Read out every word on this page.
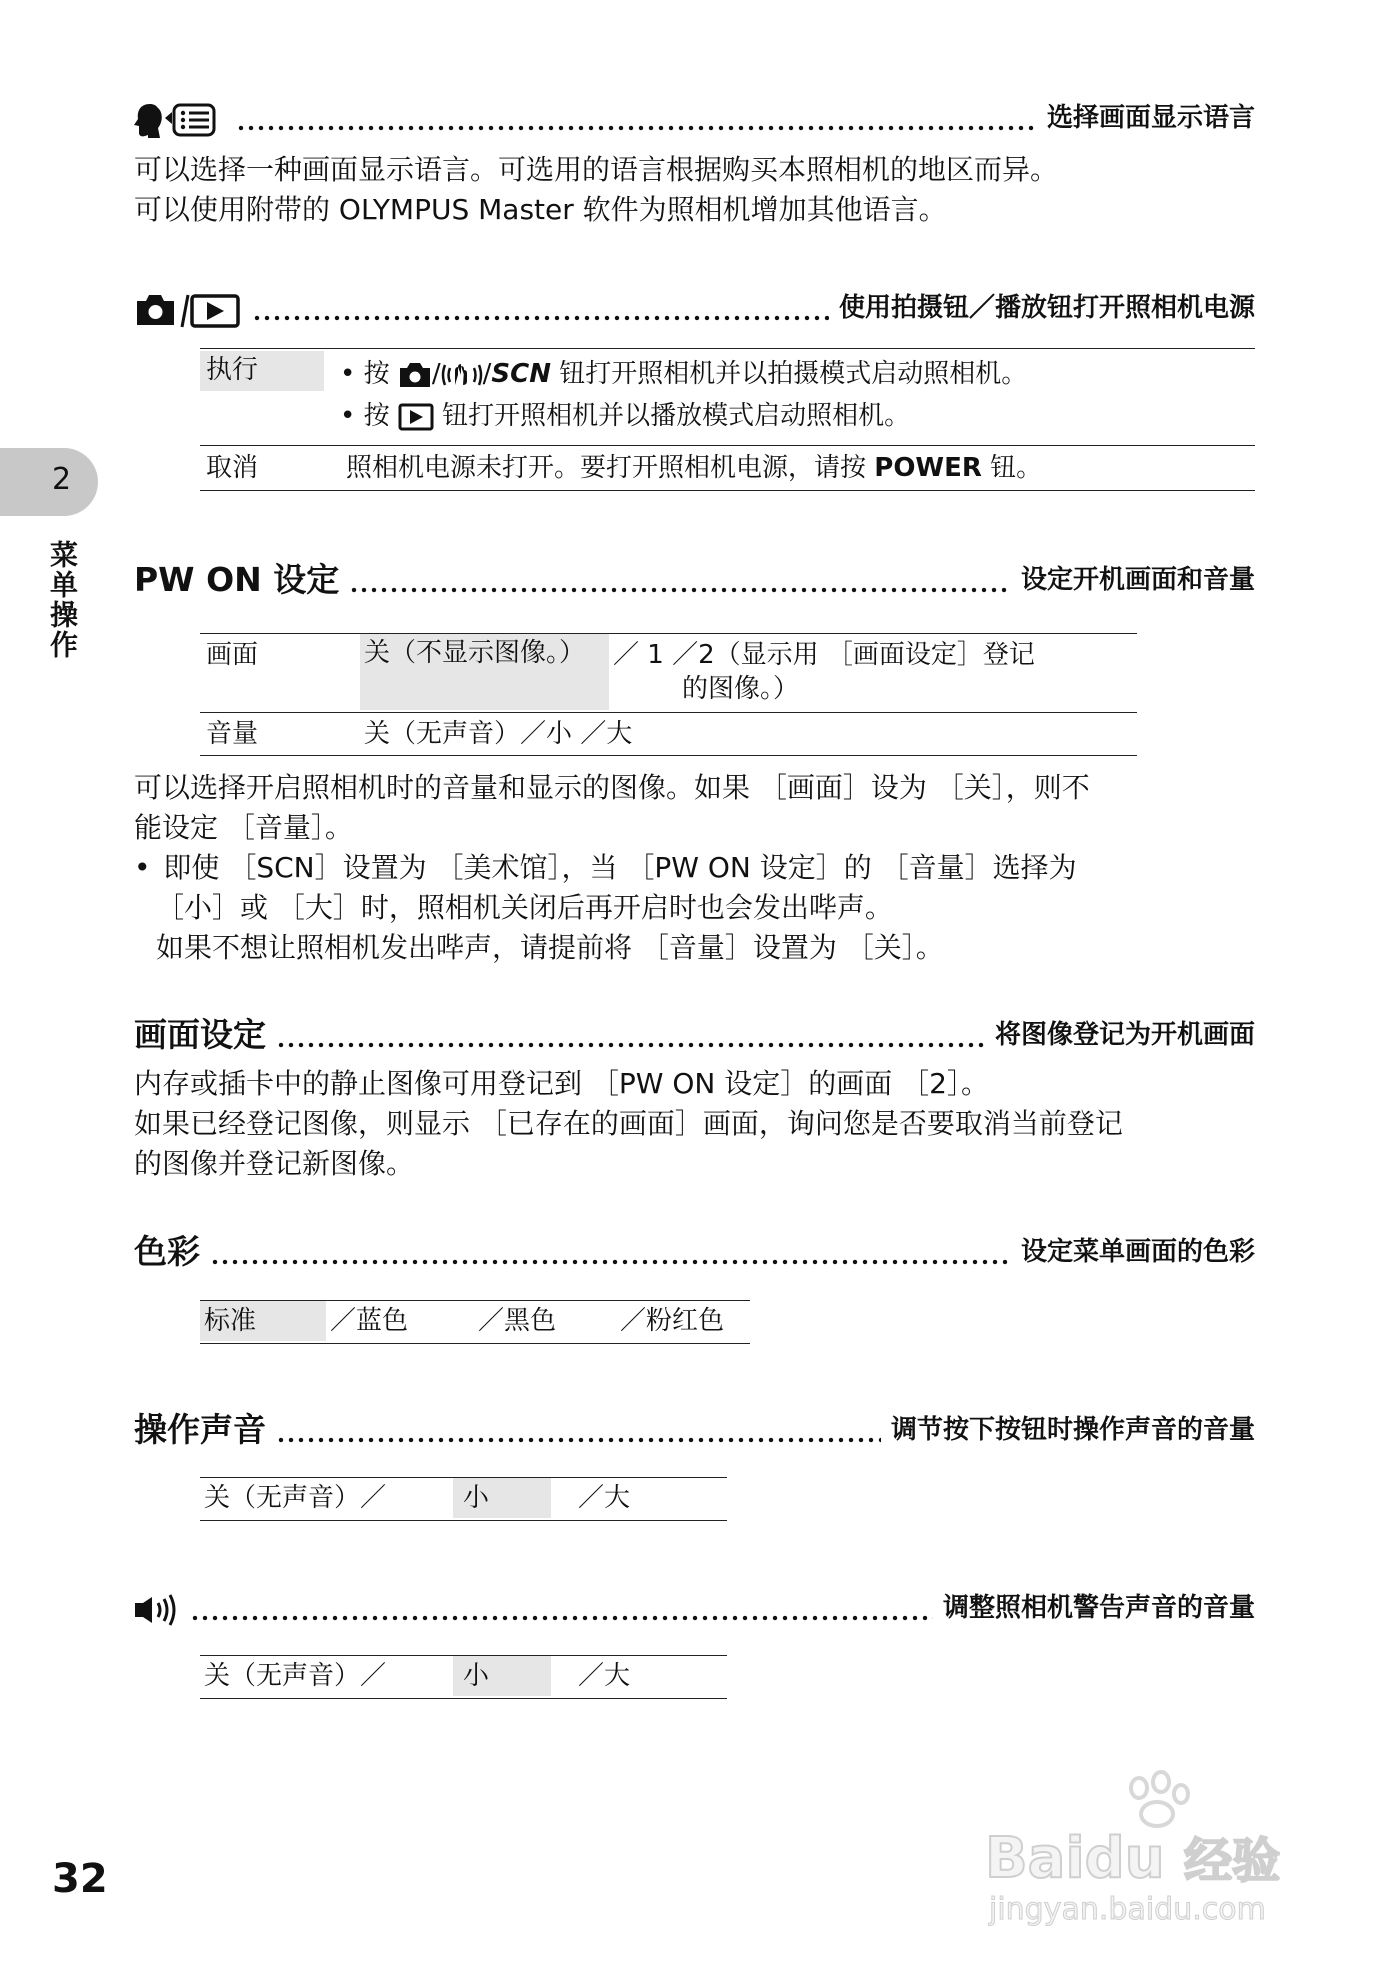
2
菜单操作
选择画面显示语言
可以选择一种画面显示语言。可选用的语言根据购买本照相机的地区而异。
可以使用附带的 OLYMPUS Master 软件为照相机增加其他语言。
使用拍摄钮／播放钮打开照相机电源
执行	• 按 / /SCN 钮打开照相机并以拍摄模式启动照相机。
• 按  钮打开照相机并以播放模式启动照相机。
取消	照相机电源未打开。要打开照相机电源，请按 POWER 钮。
PW ON 设定	设定开机画面和音量
画面	关（不显示图像。）	／ 1 ／2（显示用 ［画面设定］登记
的图像。）
音量	关（无声音）／小 ／大
可以选择开启照相机时的音量和显示的图像。如果 ［画面］设为 ［关］，则不
能设定 ［音量］。
• 即使 ［SCN］设置为 ［美术馆］，当 ［PW ON 设定］的 ［音量］选择为
［小］或 ［大］时，照相机关闭后再开启时也会发出哔声。
如果不想让照相机发出哔声，请提前将 ［音量］设置为 ［关］。
画面设定	将图像登记为开机画面
内存或插卡中的静止图像可用登记到 ［PW ON 设定］的画面 ［2］。
如果已经登记图像，则显示 ［已存在的画面］画面，询问您是否要取消当前登记
的图像并登记新图像。
色彩	设定菜单画面的色彩
标准	／蓝色	／黑色 ／粉红色
操作声音	调节按下按钮时操作声音的音量
关（无声音）／	小	／大
调整照相机警告声音的音量
关（无声音）／	小	／大
32	Baidu 经验
jingyan.baidu.com
